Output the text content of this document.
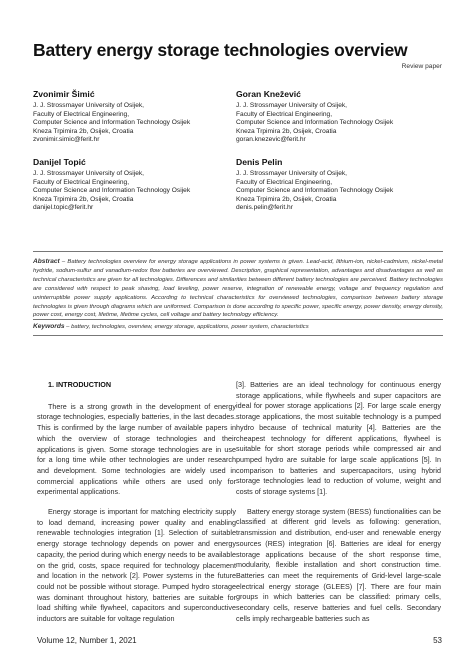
Battery energy storage technologies overview
Review paper
Zvonimir Šimić
J. J. Strossmayer University of Osijek,
Faculty of Electrical Engineering,
Computer Science and Information Technology Osijek
Kneza Trpimira 2b, Osijek, Croatia
zvonimir.simic@ferit.hr
Goran Knežević
J. J. Strossmayer University of Osijek,
Faculty of Electrical Engineering,
Computer Science and Information Technology Osijek
Kneza Trpimira 2b, Osijek, Croatia
goran.knezevic@ferit.hr
Danijel Topić
J. J. Strossmayer University of Osijek,
Faculty of Electrical Engineering,
Computer Science and Information Technology Osijek
Kneza Trpimira 2b, Osijek, Croatia
danijel.topic@ferit.hr
Denis Pelin
J. J. Strossmayer University of Osijek,
Faculty of Electrical Engineering,
Computer Science and Information Technology Osijek
Kneza Trpimira 2b, Osijek, Croatia
denis.pelin@ferit.hr
Abstract – Battery technologies overview for energy storage applications in power systems is given. Lead-acid, lithium-ion, nickel-cadmium, nickel-metal hydride, sodium-sulfur and vanadium-redox flow batteries are overviewed. Description, graphical representation, advantages and disadvantages as well as technical characteristics are given for all technologies. Differences and similarities between different battery technologies are perceived. Battery technologies are considered with respect to peak shaving, load leveling, power reserve, integration of renewable energy, voltage and frequency regulation and uninterruptible power supply applications. According to technical characteristics for overviewed technologies, comparison between battery storage technologies is given through diagrams which are uniformed. Comparison is done according to specific power, specific energy, power density, energy density, power cost, energy cost, lifetime, lifetime cycles, cell voltage and battery technology efficiency.
Keywords – battery, technologies, overview, energy storage, applications, power system, characteristics
1. INTRODUCTION

There is a strong growth in the development of energy storage technologies, especially batteries, in the last decades. This is confirmed by the large number of available papers in which the overview of storage technologies and their applications is given. Some storage technologies are in use for a long time while other technologies are under research and development. Some technologies are widely used in commercial applications while others are used only for experimental applications.

Energy storage is important for matching electricity supply to load demand, increasing power quality and enabling renewable technologies integration [1]. Selection of suitable energy storage technology depends on power and energy capacity, the period during which energy needs to be available on the grid, costs, space required for technology placement and location in the network [2]. Power systems in the future could not be possible without storage. Pumped hydro storage was dominant throughout history, batteries are suitable for load shifting while flywheel, capacitors and superconductive inductors are suitable for voltage regulation

[3]. Batteries are an ideal technology for continuous energy storage applications, while flywheels and super capacitors are ideal for power storage applications [2]. For large scale energy storage applications, the most suitable technology is a pumped hydro because of technical maturity [4]. Batteries are the cheapest technology for different applications, flywheel is suitable for short storage periods while compressed air and pumped hydro are suitable for large scale applications [5]. In comparison to batteries and supercapacitors, using hybrid storage technologies lead to reduction of volume, weight and costs of storage systems [1].

Battery energy storage system (BESS) functionalities can be classified at different grid levels as following: generation, transmission and distribution, end-user and renewable energy sources (RES) integration [6]. Batteries are ideal for energy storage applications because of the short response time, modularity, flexible installation and short construction time. Batteries can meet the requirements of Grid-level large-scale electrical energy storage (GLEES) [7]. There are four main groups in which batteries can be classified: primary cells, secondary cells, reserve batteries and fuel cells. Secondary cells imply rechargeable batteries such as

Volume 12, Number 1, 2021	53
